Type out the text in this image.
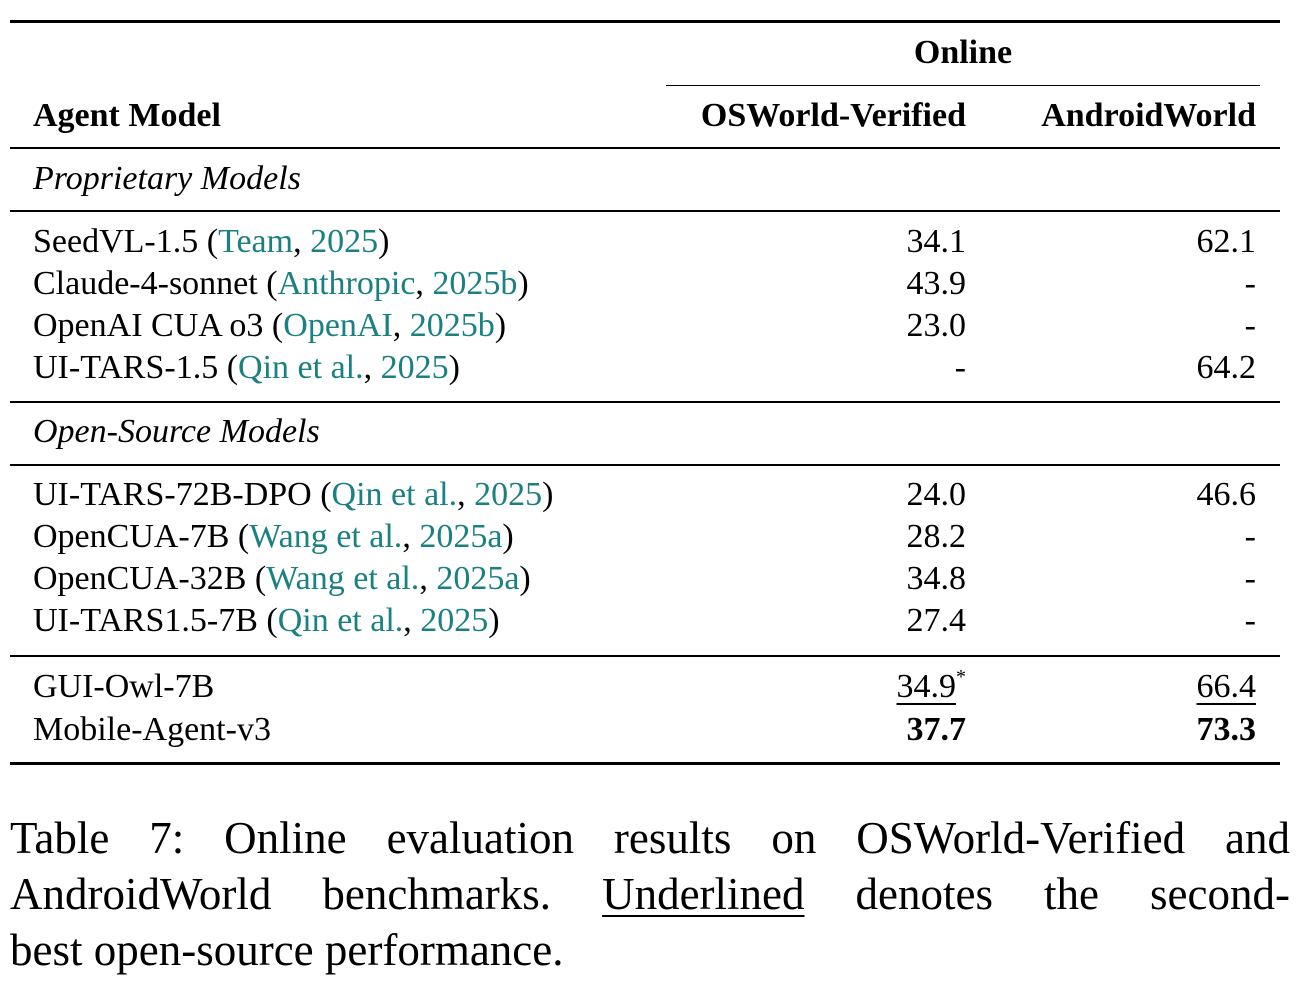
Online
Agent Model	OSWorld-Verified	AndroidWorld
Proprietary Models
SeedVL-1.5 (Team, 2025)	34.1	62.1
Claude-4-sonnet (Anthropic, 2025b)	43.9	-
OpenAI CUA o3 (OpenAI, 2025b)	23.0	-
UI-TARS-1.5 (Qin et al., 2025)	-	64.2
Open-Source Models
UI-TARS-72B-DPO (Qin et al., 2025)	24.0	46.6
OpenCUA-7B (Wang et al., 2025a)	28.2	-
OpenCUA-32B (Wang et al., 2025a)	34.8	-
UI-TARS1.5-7B (Qin et al., 2025)	27.4	-
GUI-Owl-7B	34.9*	66.4
Mobile-Agent-v3	37.7	73.3
Table 7: Online evaluation results on OSWorld-Verified and
AndroidWorld benchmarks. Underlined denotes the second-
best open-source performance.
